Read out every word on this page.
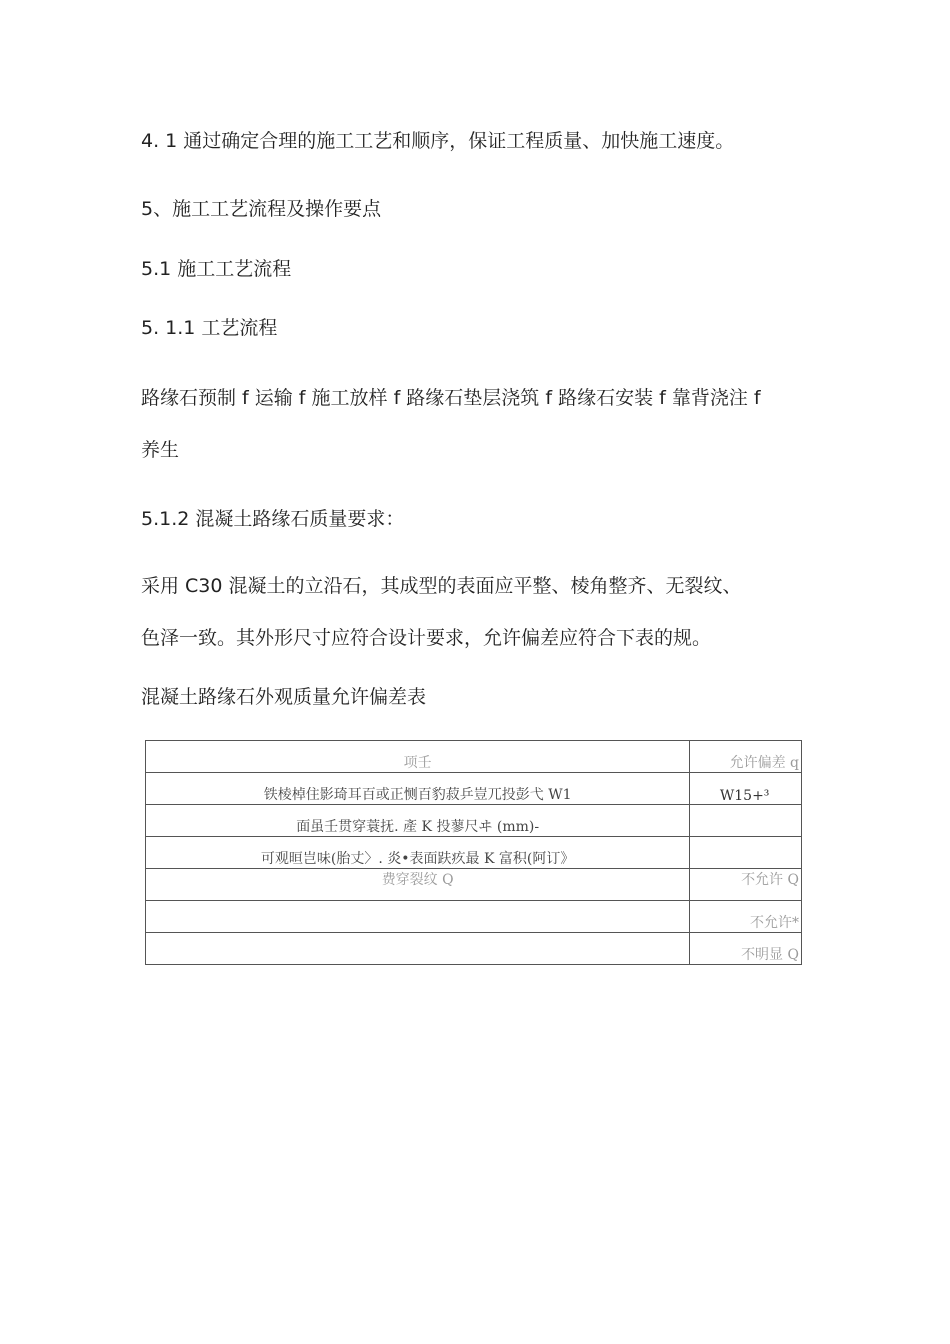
4. 1 通过确定合理的施工工艺和顺序，保证工程质量、加快施工速度。

5、施工工艺流程及操作要点
5.1 施工工艺流程
5. 1.1 工艺流程
路缘石预制 f 运输 f 施工放样 f 路缘石垫层浇筑 f 路缘石安装 f 靠背浇注 f
养生
5.1.2 混凝土路缘石质量要求：
采用 C30 混凝土的立沿石，其成型的表面应平整、棱角整齐、无裂纹、
色泽一致。其外形尺寸应符合设计要求，允许偏差应符合下表的规。

混凝土路缘石外观质量允许偏差表

项壬	允许偏差 q
铁棱棹住影琦耳百或正恻百豹菽乒豈兀投彭弋 W1	W15+³
面虽壬贯穿蓑抚. 產 K 投蓼尺ヰ (mm)-	
可观晅岂味(胎丈〉. 炎•表面趺疚最 K 富积(阿订》	
费穿裂纹 Q	不允许 Q
	不允许*
	不明显 Q
